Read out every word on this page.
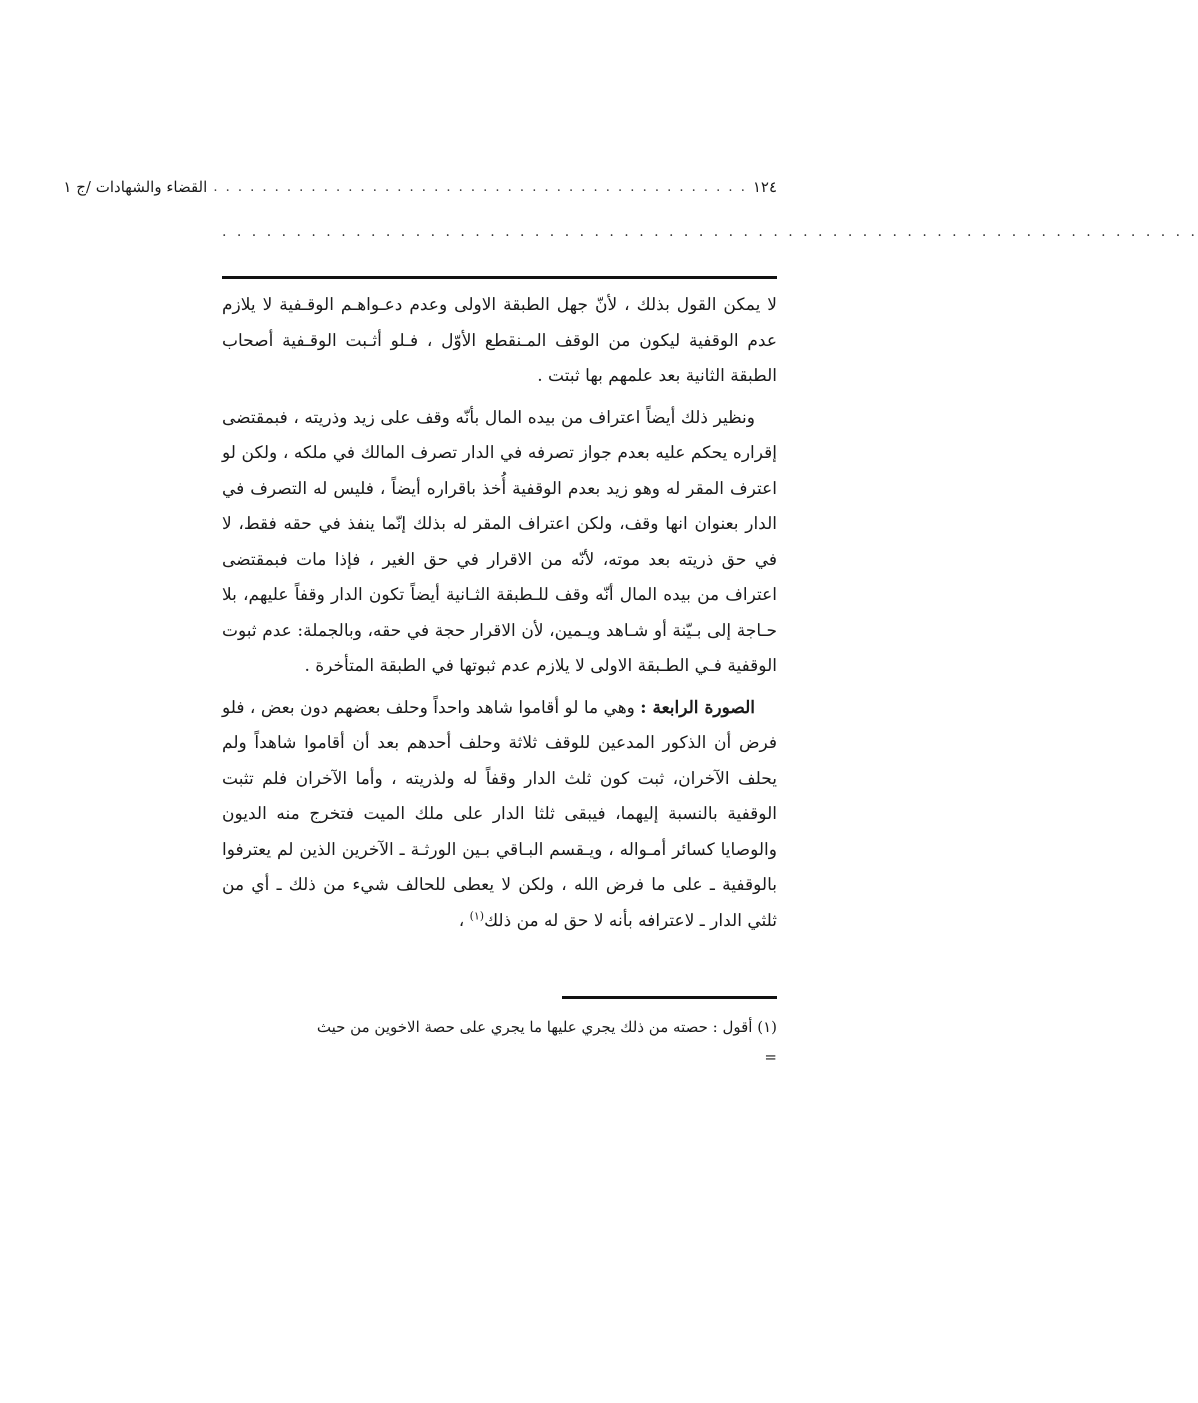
١٢٤
. . . . . . . . . . . . . . . . . . . . . . . . . . . . . . . . . . . . . . . . . . . .
القضاء والشهادات /ج ١
. . . . . . . . . . . . . . . . . . . . . . . . . . . . . . . . . . . . . . . . . . . . . . . . . . . . . . . . . . . . . . . . . .

لا يمكن القول بذلك ، لأنّ جهل الطبقة الاولى وعدم دعـواهـم الوقـفية لا يلازم عدم الوقفية ليكون من الوقف المـنقطع الأوّل ، فـلو أثـبت الوقـفية أصحاب الطبقة الثانية بعد علمهم بها ثبتت .

ونظير ذلك أيضاً اعتراف من بيده المال بأنّه وقف على زيد وذريته ، فبمقتضى إقراره يحكم عليه بعدم جواز تصرفه في الدار تصرف المالك في ملكه ، ولكن لو اعترف المقر له وهو زيد بعدم الوقفية أُخذ باقراره أيضاً ، فليس له التصرف في الدار بعنوان انها وقف، ولكن اعتراف المقر له بذلك إنّما ينفذ في حقه فقط، لا في حق ذريته بعد موته، لأنّه من الاقرار في حق الغير ، فإذا مات فبمقتضى اعتراف من بيده المال أنّه وقف للـطبقة الثـانية أيضاً تكون الدار وقفاً عليهم، بلا حـاجة إلى بـيّنة أو شـاهد ويـمين، لأن الاقرار حجة في حقه، وبالجملة: عدم ثبوت الوقفية فـي الطـبقة الاولى لا يلازم عدم ثبوتها في الطبقة المتأخرة .

الصورة الرابعة : وهي ما لو أقاموا شاهد واحداً وحلف بعضهم دون بعض ، فلو فرض أن الذكور المدعين للوقف ثلاثة وحلف أحدهم بعد أن أقاموا شاهداً ولم يحلف الآخران، ثبت كون ثلث الدار وقفاً له ولذريته ، وأما الآخران فلم تثبت الوقفية بالنسبة إليهما، فيبقى ثلثا الدار على ملك الميت فتخرج منه الديون والوصايا كسائر أمـواله ، ويـقسم البـاقي بـين الورثـة ـ الآخرين الذين لم يعترفوا بالوقفية ـ على ما فرض الله ، ولكن لا يعطى للحالف شيء من ذلك ـ أي من ثلثي الدار ـ لاعترافه بأنه لا حق له من ذلك$^{(١)}$ ،

(١) أقول : حصته من ذلك يجري عليها ما يجري على حصة الاخوين من حيث

=
